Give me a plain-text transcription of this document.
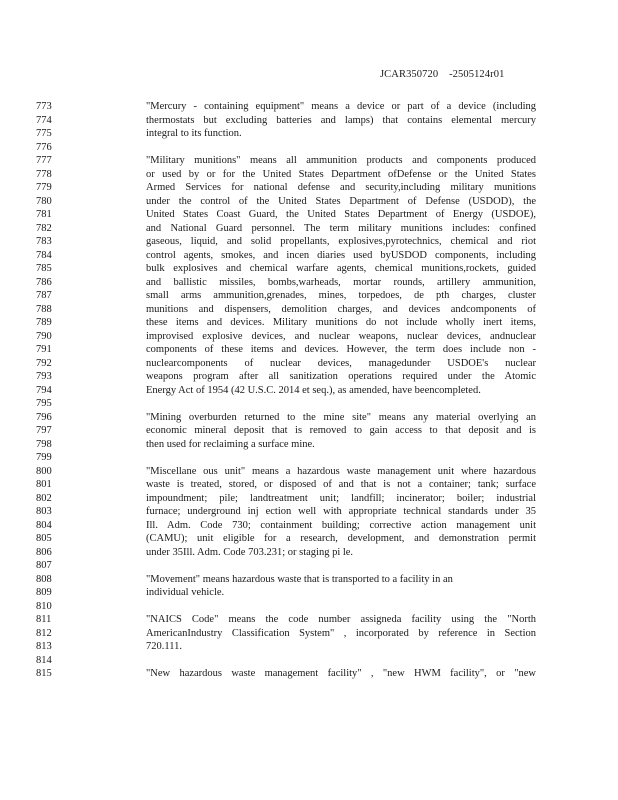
JCAR350720    -2505124r01
773
774
775
776
777
778
779
780
781
782
783
784
785
786
787
788
789
790
791
792
793
794
795
796
797
798
799
800
801
802
803
804
805
806
807
808
809
810
811
812
813
814
815
"Mercury - containing equipment" means a device or part of a device (including
thermostats but excluding batteries and lamps) that contains elemental mercury
integral to its function.
"Military munitions" means all ammunition products and components produced
or used by or for the United States Department ofDefense or the United States
Armed Services for national defense and security,including military munitions
under the control of the United States Department of Defense (USDOD), the
United States Coast Guard, the United States Department of Energy (USDOE),
and National Guard personnel. The term military munitions includes: confined
gaseous, liquid, and solid propellants, explosives,pyrotechnics, chemical and riot
control agents, smokes, and incen diaries used byUSDOD components, including
bulk explosives and chemical warfare agents, chemical munitions,rockets, guided
and ballistic missiles, bombs,warheads, mortar rounds, artillery ammunition,
small arms ammunition,grenades, mines, torpedoes, de pth charges, cluster
munitions and dispensers, demolition charges, and devices andcomponents of
these items and devices. Military munitions do not include wholly inert items,
improvised explosive devices, and nuclear weapons, nuclear devices, andnuclear
components of these items and devices. However, the term does include non -
nuclearcomponents of nuclear devices, managedunder USDOE's nuclear
weapons program after all sanitization operations required under the Atomic
Energy Act of 1954 (42 U.S.C. 2014 et seq.), as amended, have beencompleted.
"Mining overburden returned to the mine site" means any material overlying an
economic mineral deposit that is removed to gain access to that deposit and is
then used for reclaiming a surface mine.
"Miscellane ous unit" means a hazardous waste management unit where hazardous
waste is treated, stored, or disposed of and that is not a container; tank; surface
impoundment; pile; landtreatment unit; landfill; incinerator; boiler; industrial
furnace; underground inj ection well with appropriate technical standards under 35
Ill. Adm. Code 730; containment building; corrective action management unit
(CAMU); unit eligible for a research, development, and demonstration permit
under 35Ill. Adm. Code 703.231; or staging pi le.
"Movement" means hazardous waste that is transported to a facility in an
individual vehicle.
"NAICS Code" means the code number assigneda facility using the "North
AmericanIndustry Classification System" , incorporated by reference in Section
720.111.
"New hazardous waste management facility" , "new HWM facility", or "new
